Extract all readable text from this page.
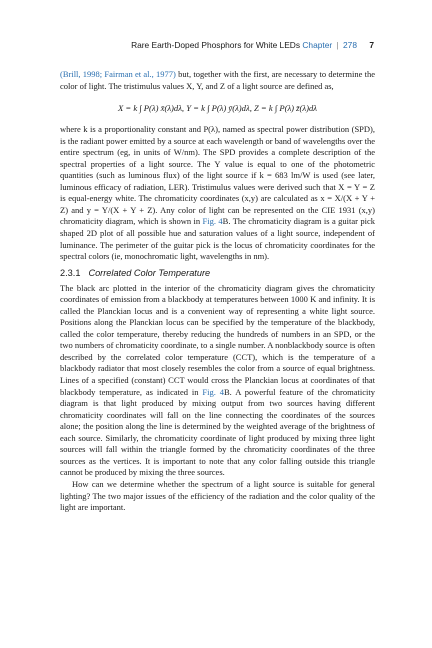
Rare Earth-Doped Phosphors for White LEDs Chapter | 278 7

(Brill, 1998; Fairman et al., 1977) but, together with the first, are necessary to determine the color of light. The tristimulus values X, Y, and Z of a light source are defined as,

X = k ∫ P(λ) x̄(λ)dλ, Y = k ∫ P(λ) ȳ(λ)dλ, Z = k ∫ P(λ) z̄(λ)dλ

where k is a proportionality constant and P(λ), named as spectral power distribution (SPD), is the radiant power emitted by a source at each wavelength or band of wavelengths over the entire spectrum (eg, in units of W/nm). The SPD provides a complete description of the spectral properties of a light source. The Y value is equal to one of the photometric quantities (such as luminous flux) of the light source if k = 683 lm/W is used (see later, luminous efficacy of radiation, LER). Tristimulus values were derived such that X = Y = Z is equal-energy white. The chromaticity coordinates (x,y) are calculated as x = X/(X + Y + Z) and y = Y/(X + Y + Z). Any color of light can be represented on the CIE 1931 (x,y) chromaticity diagram, which is shown in Fig. 4B. The chromaticity diagram is a guitar pick shaped 2D plot of all possible hue and saturation values of a light source, independent of luminance. The perimeter of the guitar pick is the locus of chromaticity coordinates for the spectral colors (ie, monochromatic light, wavelengths in nm).

2.3.1 Correlated Color Temperature

The black arc plotted in the interior of the chromaticity diagram gives the chromaticity coordinates of emission from a blackbody at temperatures between 1000 K and infinity. It is called the Planckian locus and is a convenient way of representing a white light source. Positions along the Planckian locus can be specified by the temperature of the blackbody, called the color temperature, thereby reducing the hundreds of numbers in an SPD, or the two numbers of chromaticity coordinate, to a single number. A nonblackbody source is often described by the correlated color temperature (CCT), which is the temperature of a blackbody radiator that most closely resembles the color from a source of equal brightness. Lines of a specified (constant) CCT would cross the Planckian locus at coordinates of that blackbody temperature, as indicated in Fig. 4B. A powerful feature of the chromaticity diagram is that light produced by mixing output from two sources having different chromaticity coordinates will fall on the line connecting the coordinates of the sources alone; the position along the line is determined by the weighted average of the brightness of each source. Similarly, the chromaticity coordinate of light produced by mixing three light sources will fall within the triangle formed by the chromaticity coordinates of the three sources as the vertices. It is important to note that any color falling outside this triangle cannot be produced by mixing the three sources.

How can we determine whether the spectrum of a light source is suitable for general lighting? The two major issues of the efficiency of the radiation and the color quality of the light are important.
